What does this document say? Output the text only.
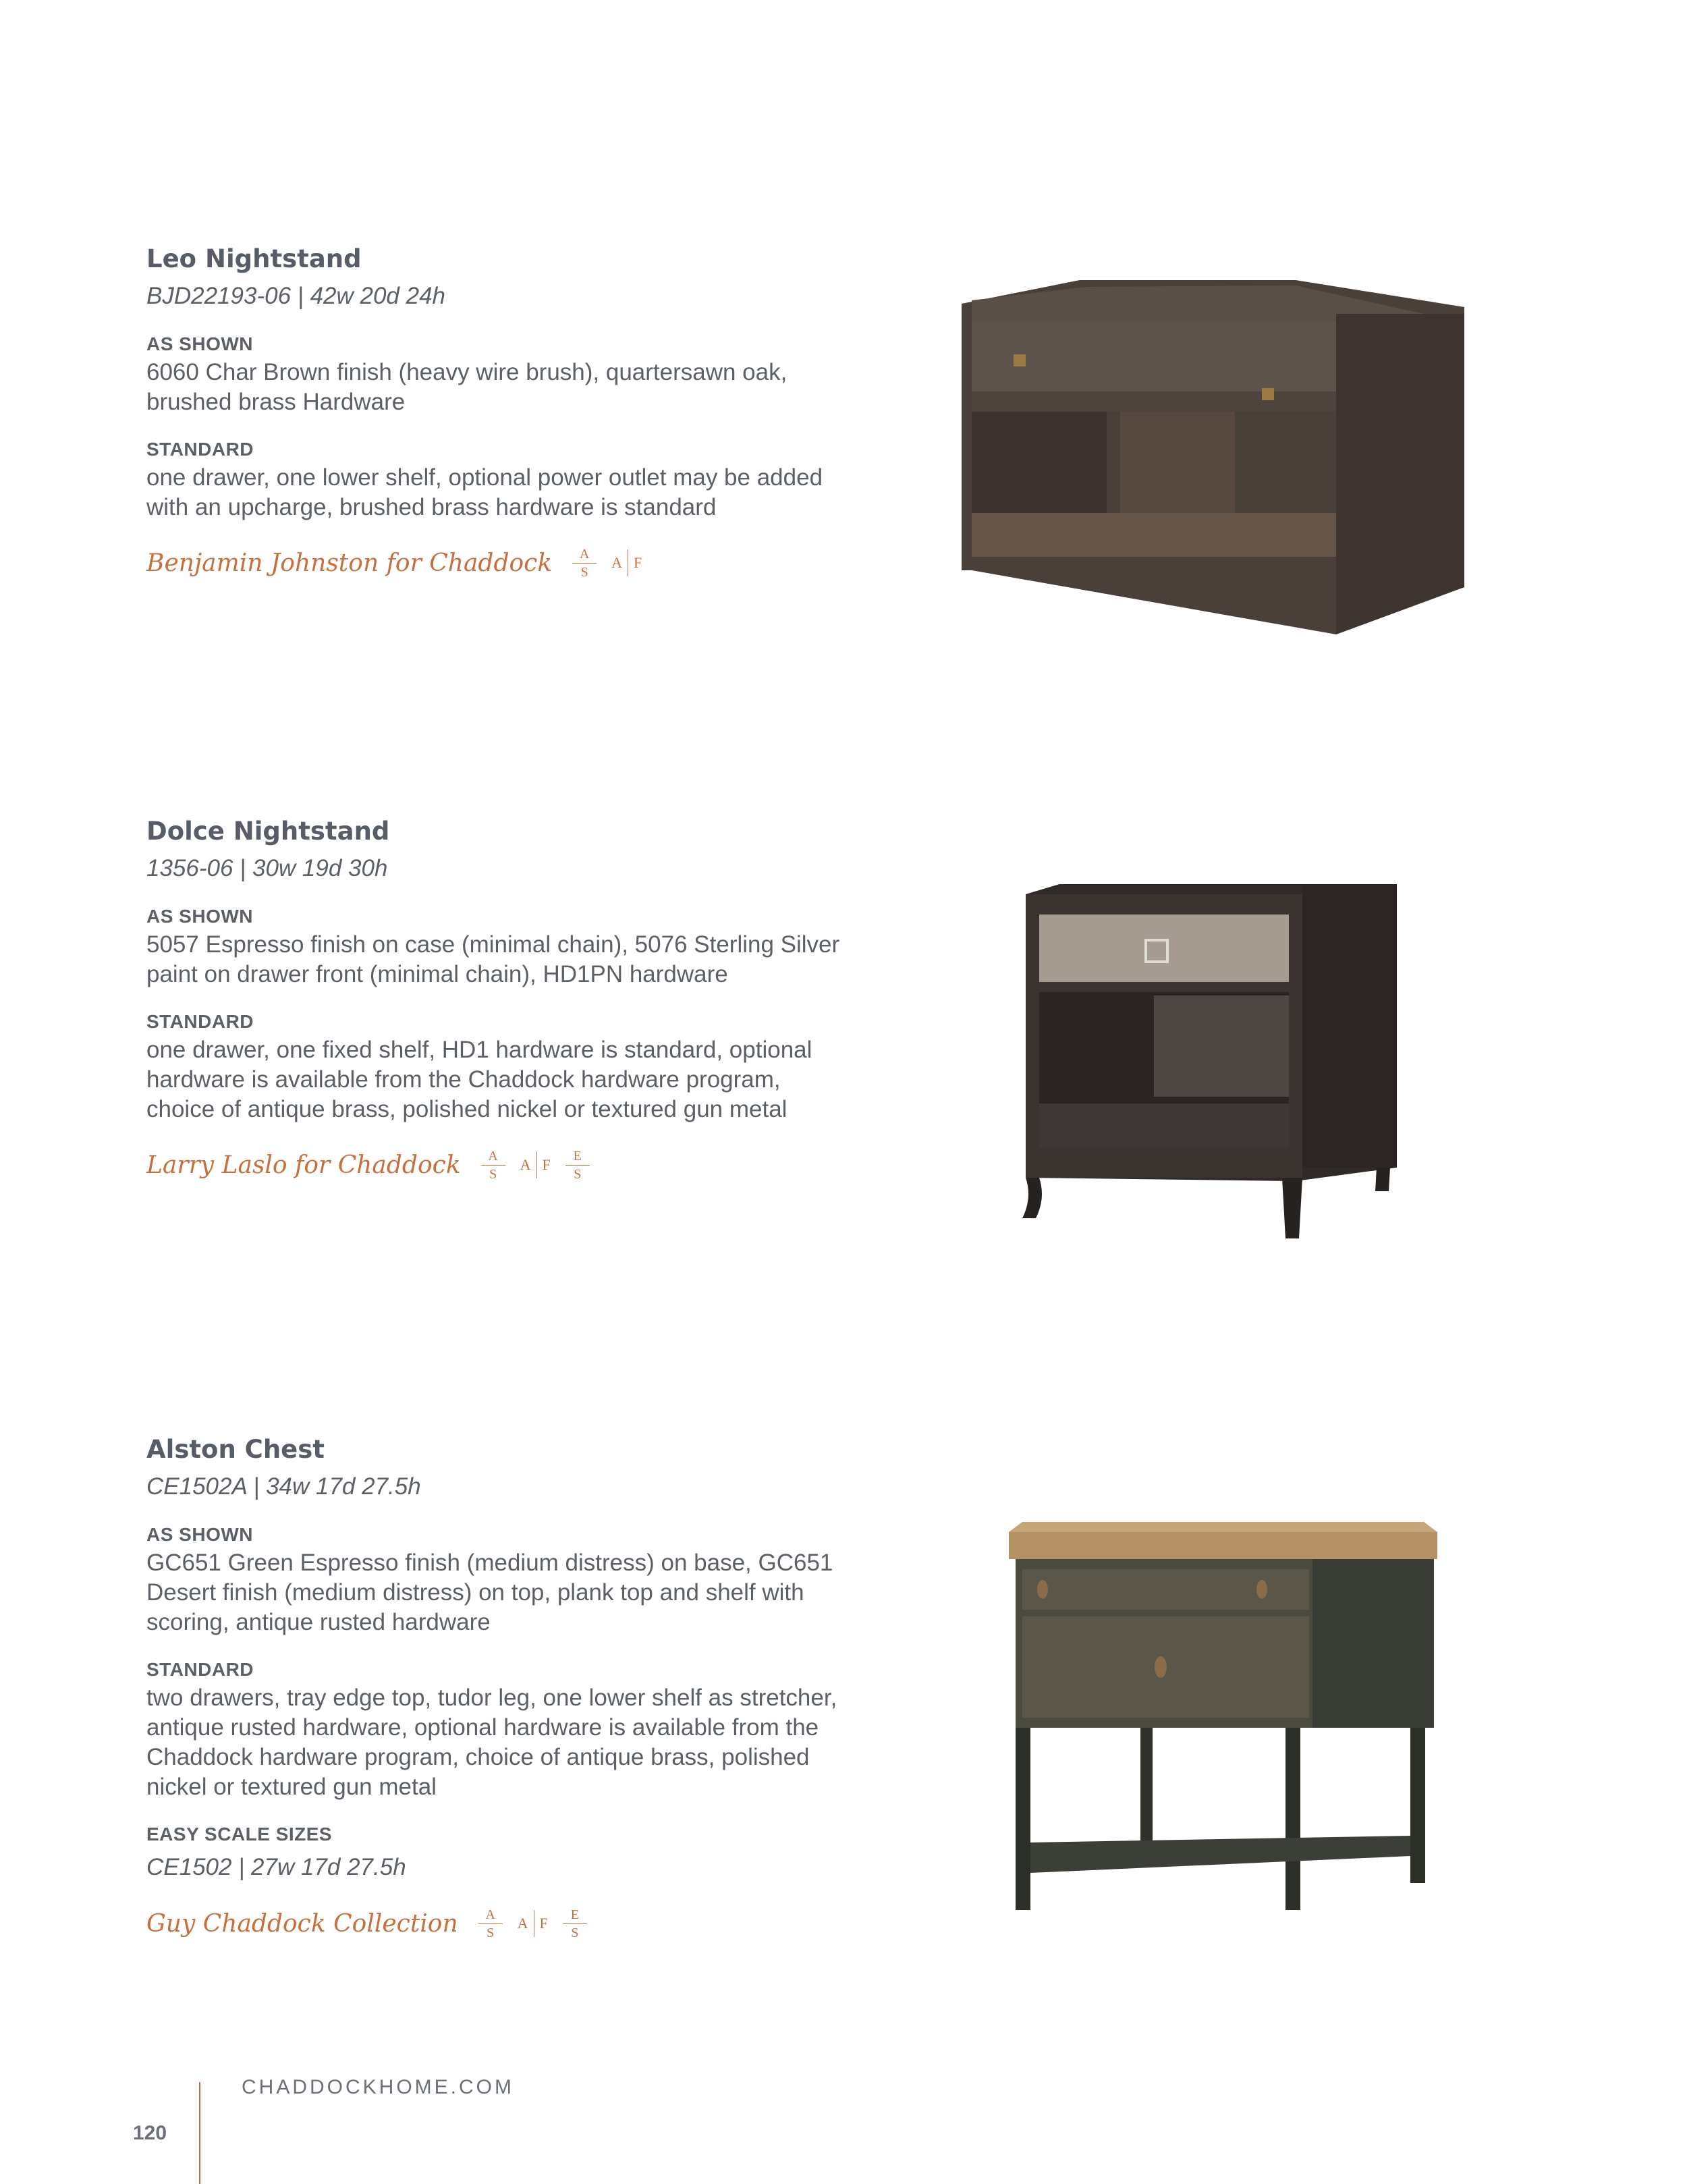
Leo Nightstand
BJD22193-06 | 42w 20d 24h
AS SHOWN
6060 Char Brown finish (heavy wire brush), quartersawn oak, brushed brass Hardware
STANDARD
one drawer, one lower shelf, optional power outlet may be added with an upcharge, brushed brass hardware is standard
Benjamin Johnston for Chaddock A
S
A F
Dolce Nightstand
1356-06 | 30w 19d 30h
AS SHOWN
5057 Espresso finish on case (minimal chain), 5076 Sterling Silver paint on drawer front (minimal chain), HD1PN hardware
STANDARD
one drawer, one fixed shelf, HD1 hardware is standard, optional hardware is available from the Chaddock hardware program, choice of antique brass, polished nickel or textured gun metal
Larry Laslo for Chaddock A
S
A F
E
S
Alston Chest
CE1502A | 34w 17d 27.5h
AS SHOWN
GC651 Green Espresso finish (medium distress) on base, GC651 Desert finish (medium distress) on top, plank top and shelf with scoring, antique rusted hardware
STANDARD
two drawers, tray edge top, tudor leg, one lower shelf as stretcher, antique rusted hardware, optional hardware is available from the Chaddock hardware program, choice of antique brass, polished nickel or textured gun metal
EASY SCALE SIZES
CE1502 | 27w 17d 27.5h
Guy Chaddock Collection A
S
A F
E
S
CHADDOCKHOME.COM
120
